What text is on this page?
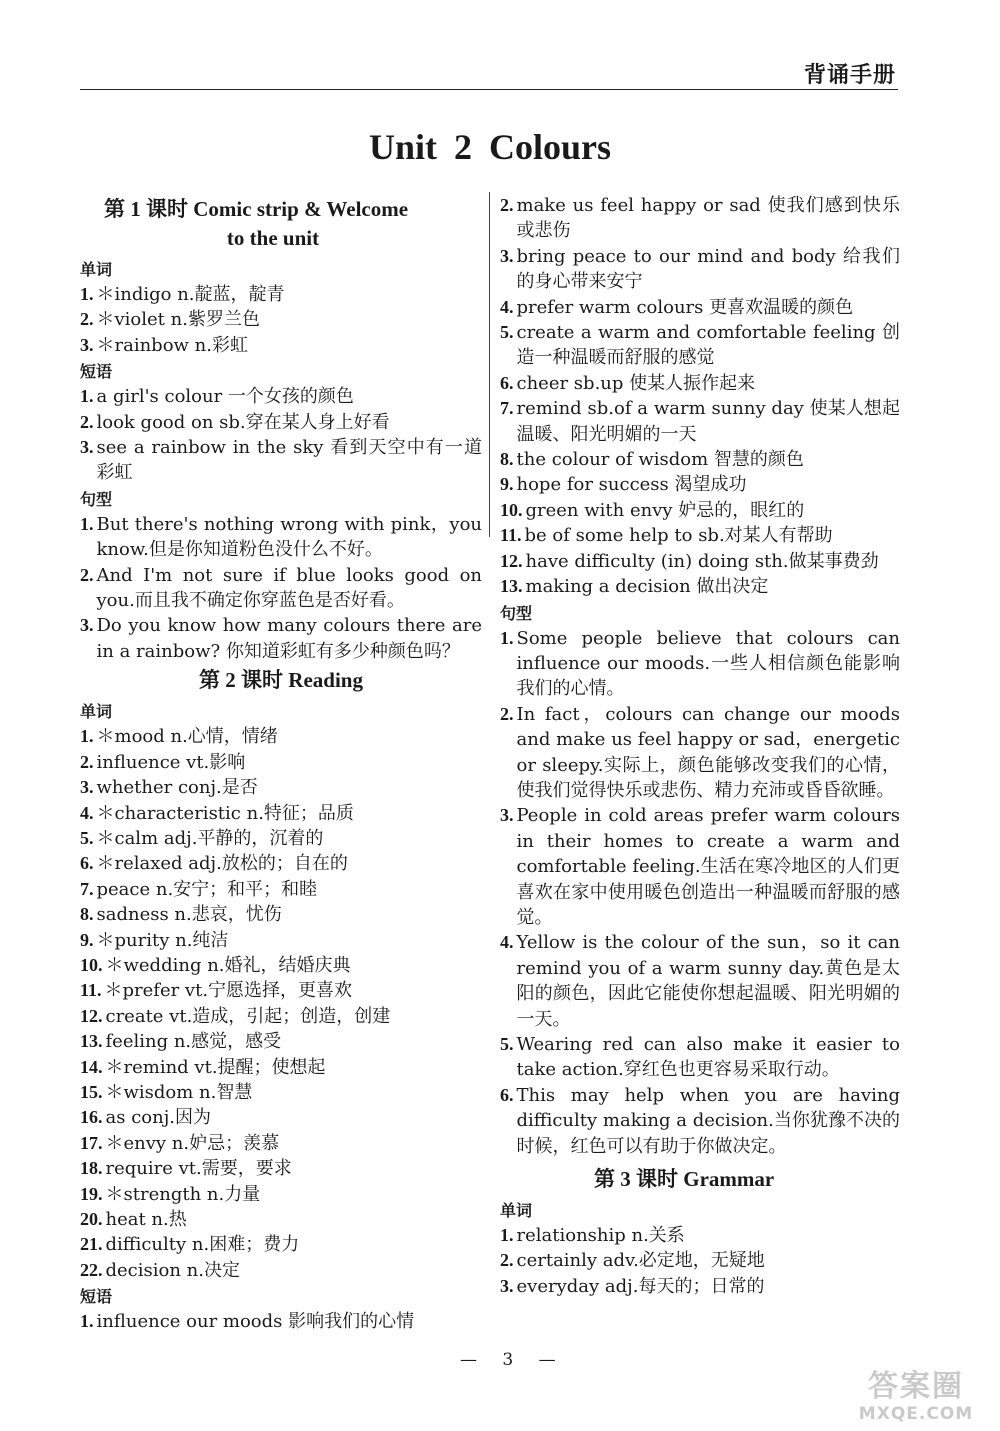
背诵手册
Unit 2 Colours
第 1 课时 Comic strip & Welcome
to the unit
单词
1. ＊indigo n.靛蓝，靛青
2. ＊violet n.紫罗兰色
3. ＊rainbow n.彩虹
短语
1. a girl's colour 一个女孩的颜色
2. look good on sb.穿在某人身上好看
3. see a rainbow in the sky 看到天空中有一道彩虹
句型
1. But there's nothing wrong with pink，you know.但是你知道粉色没什么不好。
2. And I'm not sure if blue looks good on you.而且我不确定你穿蓝色是否好看。
3. Do you know how many colours there are in a rainbow? 你知道彩虹有多少种颜色吗？
第 2 课时 Reading
单词
1. ＊mood n.心情，情绪
2. influence vt.影响
3. whether conj.是否
4. ＊characteristic n.特征；品质
5. ＊calm adj.平静的，沉着的
6. ＊relaxed adj.放松的；自在的
7. peace n.安宁；和平；和睦
8. sadness n.悲哀，忧伤
9. ＊purity n.纯洁
10. ＊wedding n.婚礼，结婚庆典
11. ＊prefer vt.宁愿选择，更喜欢
12. create vt.造成，引起；创造，创建
13. feeling n.感觉，感受
14. ＊remind vt.提醒；使想起
15. ＊wisdom n.智慧
16. as conj.因为
17. ＊envy n.妒忌；羡慕
18. require vt.需要，要求
19. ＊strength n.力量
20. heat n.热
21. difficulty n.困难；费力
22. decision n.决定
短语
1. influence our moods 影响我们的心情
2. make us feel happy or sad 使我们感到快乐或悲伤
3. bring peace to our mind and body 给我们的身心带来安宁
4. prefer warm colours 更喜欢温暖的颜色
5. create a warm and comfortable feeling 创造一种温暖而舒服的感觉
6. cheer sb.up 使某人振作起来
7. remind sb.of a warm sunny day 使某人想起温暖、阳光明媚的一天
8. the colour of wisdom 智慧的颜色
9. hope for success 渴望成功
10. green with envy 妒忌的，眼红的
11. be of some help to sb.对某人有帮助
12. have difficulty (in) doing sth.做某事费劲
13. making a decision 做出决定
句型
1. Some people believe that colours can influence our moods.一些人相信颜色能影响我们的心情。
2. In fact，colours can change our moods and make us feel happy or sad，energetic or sleepy.实际上，颜色能够改变我们的心情，使我们觉得快乐或悲伤、精力充沛或昏昏欲睡。
3. People in cold areas prefer warm colours in their homes to create a warm and comfortable feeling.生活在寒冷地区的人们更喜欢在家中使用暖色创造出一种温暖而舒服的感觉。
4. Yellow is the colour of the sun，so it can remind you of a warm sunny day.黄色是太阳的颜色，因此它能使你想起温暖、阳光明媚的一天。
5. Wearing red can also make it easier to take action.穿红色也更容易采取行动。
6. This may help when you are having difficulty making a decision.当你犹豫不决的时候，红色可以有助于你做决定。
第 3 课时 Grammar
单词
1. relationship n.关系
2. certainly adv.必定地，无疑地
3. everyday adj.每天的；日常的
— 3 —
答案圈
MXQE.COM
